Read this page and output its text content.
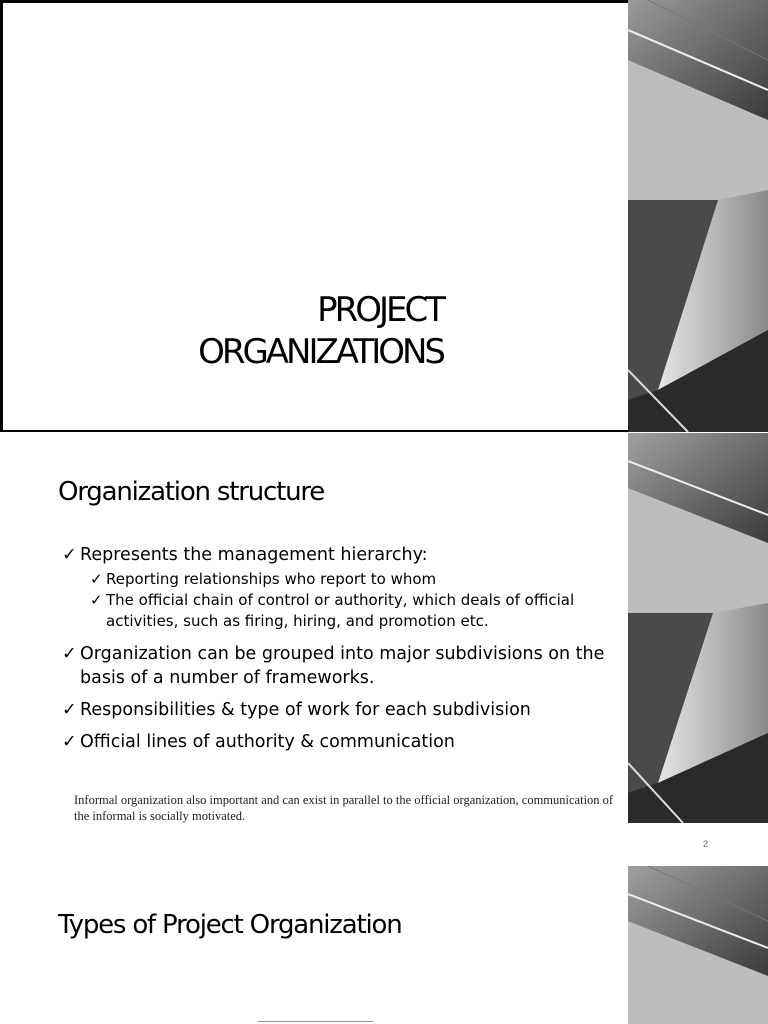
PROJECT
ORGANIZATIONS
Organization structure
✓ Represents the management hierarchy:
✓ Reporting relationships who report to whom
✓ The official chain of control or authority, which deals of official activities, such as firing, hiring, and promotion etc.
✓ Organization can be grouped into major subdivisions on the basis of a number of frameworks.
✓ Responsibilities & type of work for each subdivision
✓ Official lines of authority & communication

Informal organization also important and can exist in parallel to the official organization, communication of the informal is socially motivated.

2
Types of Project Organization
